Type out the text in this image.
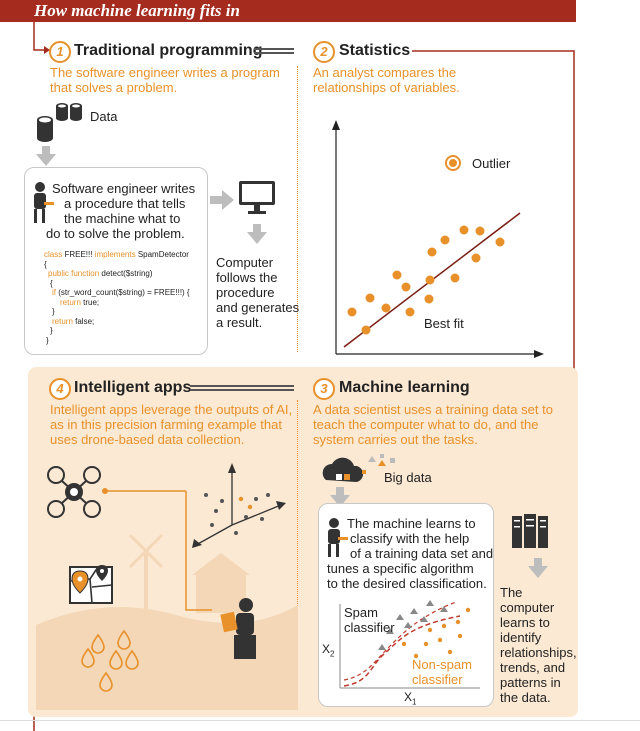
How machine learning fits in
1 Traditional programming
The software engineer writes a program
that solves a problem.
Data
Software engineer writes
a procedure that tells
the machine what to
do to solve the problem.
class FREE!!! implements SpamDetector
{
public function detect($string)
{
if (str_word_count($string) = FREE!!!) {
return true;
}
return false;
}
}
Computer
follows the
procedure
and generates
a result.
2 Statistics
An analyst compares the
relationships of variables.
Outlier
Best fit
4 Intelligent apps
Intelligent apps leverage the outputs of AI,
as in this precision farming example that
uses drone-based data collection.
3 Machine learning
A data scientist uses a training data set to
teach the computer what to do, and the
system carries out the tasks.
Big data
The machine learns to
classify with the help
of a training data set and
tunes a specific algorithm
to the desired classification.
Spam
classifier
Non-spam
classifier
$X_2$
$X_1$
The
computer
learns to
identify
relationships,
trends, and
patterns in
the data.
